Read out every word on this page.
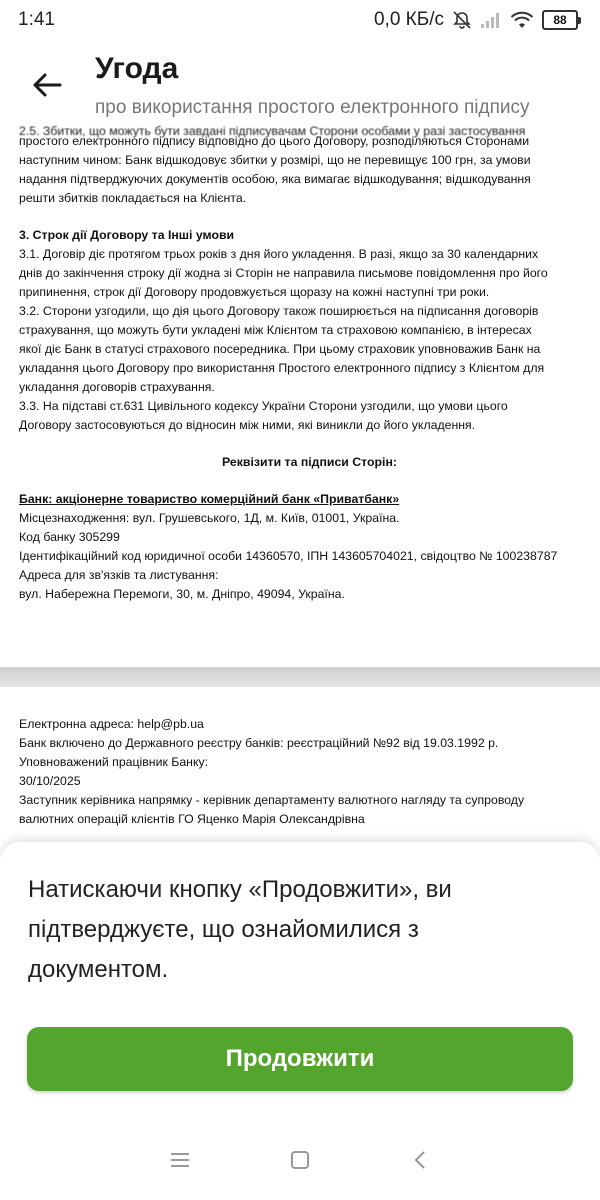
1:41	0,0 КБ/с	88
Угода
про використання простого електронного підпису
2.5. Збитки, що можуть бути завдані підписувачам Сторони особами у разі застосування
простого електронного підпису відповідно до цього Договору, розподіляються Сторонами
наступним чином: Банк відшкодовує збитки у розмірі, що не перевищує 100 грн, за умови
надання підтверджуючих документів особою, яка вимагає відшкодування; відшкодування
решти збитків покладається на Клієнта.
3. Строк дії Договору та Інші умови
3.1. Договір діє протягом трьох років з дня його укладення. В разі, якщо за 30 календарних
днів до закінчення строку дії жодна зі Сторін не направила письмове повідомлення про його
припинення, строк дії Договору продовжується щоразу на кожні наступні три роки.
3.2. Сторони узгодили, що дія цього Договору також поширюється на підписання договорів
страхування, що можуть бути укладені між Клієнтом та страховою компанією, в інтересах
якої діє Банк в статусі страхового посередника. При цьому страховик уповноважив Банк на
укладання цього Договору про використання Простого електронного підпису з Клієнтом для
укладання договорів страхування.
3.3. На підставі ст.631 Цивільного кодексу України Сторони узгодили, що умови цього
Договору застосовуються до відносин між ними, які виникли до його укладення.
Реквізити та підписи Сторін:
Банк: акціонерне товариство комерційний банк «Приватбанк»
Місцезнаходження: вул. Грушевського, 1Д, м. Київ, 01001, Україна.
Код банку 305299
Ідентифікаційний код юридичної особи 14360570, ІПН 143605704021, свідоцтво № 100238787
Адреса для зв'язків та листування:
вул. Набережна Перемоги, 30, м. Дніпро, 49094, Україна.
Електронна адреса: help@pb.ua
Банк включено до Державного реєстру банків: реєстраційний №92 від 19.03.1992 р.
Уповноважений працівник Банку:
30/10/2025
Заступник керівника напрямку - керівник департаменту валютного нагляду та супроводу
валютних операцій клієнтів ГО Яценко Марія Олександрівна
Натискаючи кнопку «Продовжити», ви підтверджуєте, що ознайомилися з документом.
Продовжити
